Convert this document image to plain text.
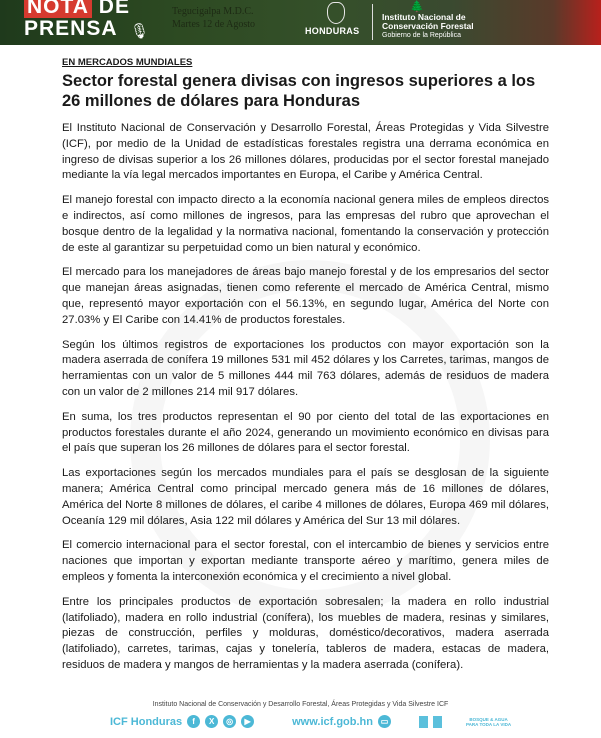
NOTA DE
PRENSA 🎙
Tegucigalpa M.D.C.
Martes 12 de Agosto
HONDURAS
🌲
Instituto Nacional de
Conservación Forestal
Gobierno de la República
EN MERCADOS MUNDIALES
Sector forestal genera divisas con ingresos superiores a los 26 millones de dólares para Honduras

El Instituto Nacional de Conservación y Desarrollo Forestal, Áreas Protegidas y Vida Silvestre (ICF), por medio de la Unidad de estadísticas forestales registra una derrama económica en ingreso de divisas superior a los 26 millones dólares, producidas por el sector forestal manejado mediante la vía legal mercados importantes en Europa, el Caribe y América Central.

El manejo forestal con impacto directo a la economía nacional genera miles de empleos directos e indirectos, así como millones de ingresos, para las empresas del rubro que aprovechan el bosque dentro de la legalidad y la normativa nacional, fomentando la conservación y protección de este al garantizar su perpetuidad como un bien natural y económico.

El mercado para los manejadores de áreas bajo manejo forestal y de los empresarios del sector que manejan áreas asignadas, tienen como referente el mercado de América Central, mismo que, representó mayor exportación con el 56.13%, en segundo lugar, América del Norte con 27.03% y El Caribe con 14.41% de productos forestales.

Según los últimos registros de exportaciones los productos con mayor exportación son la madera aserrada de conífera 19 millones 531 mil 452 dólares y los Carretes, tarimas, mangos de herramientas con un valor de 5 millones 444 mil 763 dólares, además de residuos de madera con un valor de 2 millones 214 mil 917 dólares.

En suma, los tres productos representan el 90 por ciento del total de las exportaciones en productos forestales durante el año 2024, generando un movimiento económico en divisas para el país que superan los 26 millones de dólares para el sector forestal.

Las exportaciones según los mercados mundiales para el país se desglosan de la siguiente manera; América Central como principal mercado genera más de 16 millones de dólares, América del Norte 8 millones de dólares, el caribe 4 millones de dólares, Europa 469 mil dólares, Oceanía 129 mil dólares, Asia 122 mil dólares y América del Sur 13 mil dólares.

El comercio internacional para el sector forestal, con el intercambio de bienes y servicios entre naciones que importan y exportan mediante transporte aéreo y marítimo, genera miles de empleos y fomenta la interconexión económica y el crecimiento a nivel global.

Entre los principales productos de exportación sobresalen; la madera en rollo industrial (latifoliado), madera en rollo industrial (conífera), los muebles de madera, resinas y similares, piezas de construcción, perfiles y molduras, doméstico/decorativos, madera aserrada (latifoliado), carretes, tarimas, cajas y tonelería, tableros de madera, estacas de madera, residuos de madera y mangos de herramientas y la madera aserrada (conífera).

Instituto Nacional de Conservación y Desarrollo Forestal, Áreas Protegidas y Vida Silvestre ICF
ICF Honduras	f	X	◎	▶	www.icf.gob.hn ▭	BOSQUE & AGUA
PARA TODA LA VIDA
